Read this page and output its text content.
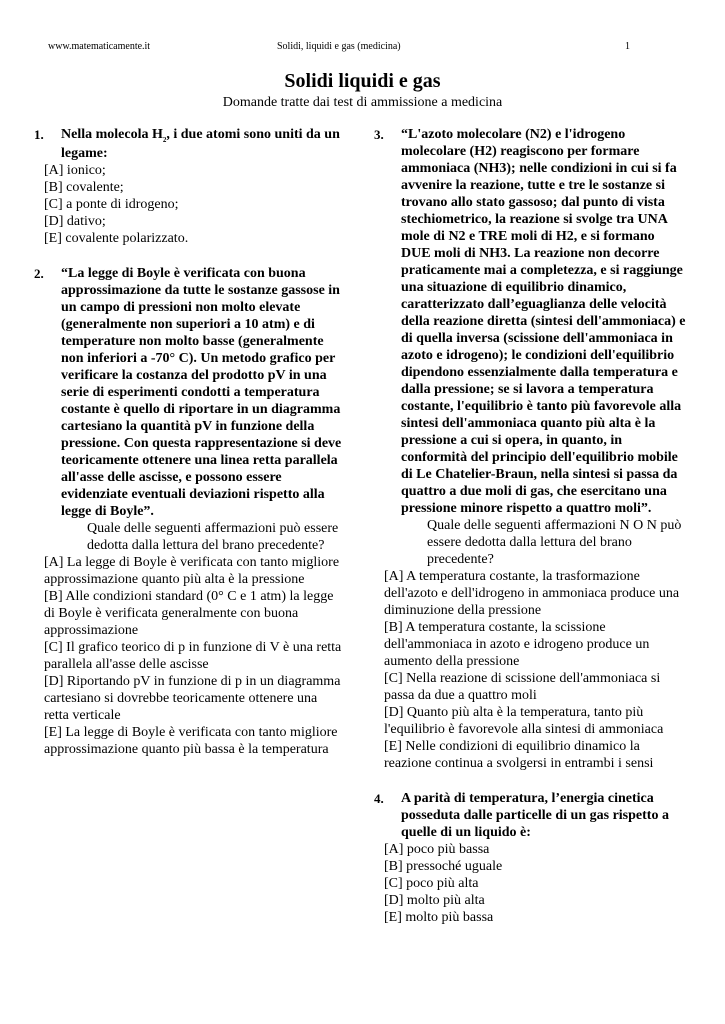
www.matematicamente.it	Solidi, liquidi e gas (medicina)	1
Solidi liquidi e gas
Domande tratte dai test di ammissione a medicina
1. Nella molecola $H_2$, i due atomi sono uniti da un legame:
[A] ionico;
[B] covalente;
[C] a ponte di idrogeno;
[D] dativo;
[E] covalente polarizzato.
2. “La legge di Boyle è verificata con buona approssimazione da tutte le sostanze gassose in un campo di pressioni non molto elevate (generalmente non superiori a 10 atm) e di temperature non molto basse (generalmente non inferiori a -70° C). Un metodo grafico per verificare la costanza del prodotto pV in una serie di esperimenti condotti a temperatura costante è quello di riportare in un diagramma cartesiano la quantità pV in funzione della pressione. Con questa rappresentazione si deve teoricamente ottenere una linea retta parallela all'asse delle ascisse, e possono essere evidenziate eventuali deviazioni rispetto alla legge di Boyle”.
Quale delle seguenti affermazioni può essere dedotta dalla lettura del brano precedente?
[A] La legge di Boyle è verificata con tanto migliore approssimazione quanto più alta è la pressione
[B] Alle condizioni standard (0° C e 1 atm) la legge di Boyle è verificata generalmente con buona approssimazione
[C] Il grafico teorico di p in funzione di V è una retta parallela all'asse delle ascisse
[D] Riportando pV in funzione di p in un diagramma cartesiano si dovrebbe teoricamente ottenere una retta verticale
[E] La legge di Boyle è verificata con tanto migliore approssimazione quanto più bassa è la temperatura
3. “L'azoto molecolare (N2) e l'idrogeno molecolare (H2) reagiscono per formare ammoniaca (NH3); nelle condizioni in cui si fa avvenire la reazione, tutte e tre le sostanze si trovano allo stato gassoso; dal punto di vista stechiometrico, la reazione si svolge tra UNA mole di N2 e TRE moli di H2, e si formano DUE moli di NH3. La reazione non decorre praticamente mai a completezza, e si raggiunge una situazione di equilibrio dinamico, caratterizzato dall’eguaglianza delle velocità della reazione diretta (sintesi dell'ammoniaca) e di quella inversa (scissione dell'ammoniaca in azoto e idrogeno); le condizioni dell'equilibrio dipendono essenzialmente dalla temperatura e dalla pressione; se si lavora a temperatura costante, l'equilibrio è tanto più favorevole alla sintesi dell'ammoniaca quanto più alta è la pressione a cui si opera, in quanto, in conformità del principio dell'equilibrio mobile di Le Chatelier-Braun, nella sintesi si passa da quattro a due moli di gas, che esercitano una pressione minore rispetto a quattro moli”.
Quale delle seguenti affermazioni N O N può essere dedotta dalla lettura del brano precedente?
[A] A temperatura costante, la trasformazione dell'azoto e dell'idrogeno in ammoniaca produce una diminuzione della pressione
[B] A temperatura costante, la scissione dell'ammoniaca in azoto e idrogeno produce un aumento della pressione
[C] Nella reazione di scissione dell'ammoniaca si passa da due a quattro moli
[D] Quanto più alta è la temperatura, tanto più l'equilibrio è favorevole alla sintesi di ammoniaca
[E] Nelle condizioni di equilibrio dinamico la reazione continua a svolgersi in entrambi i sensi
4. A parità di temperatura, l’energia cinetica posseduta dalle particelle di un gas rispetto a quelle di un liquido è:
[A] poco più bassa
[B] pressoché uguale
[C] poco più alta
[D] molto più alta
[E] molto più bassa
